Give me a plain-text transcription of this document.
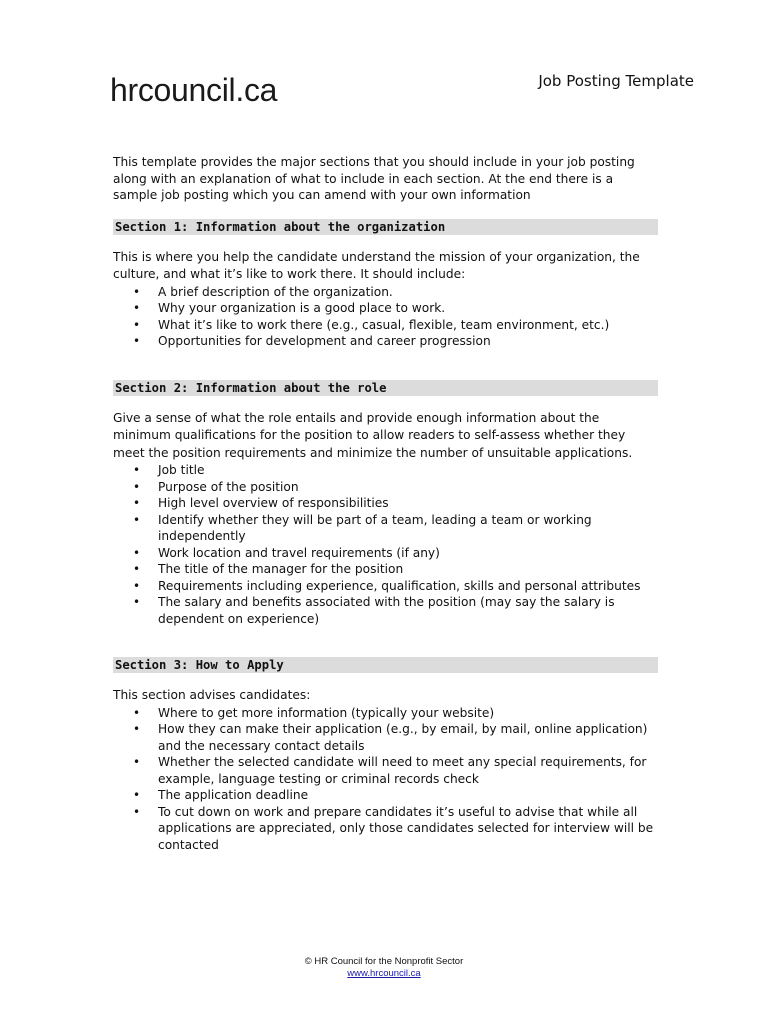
hrcouncil.ca	Job Posting Template

This template provides the major sections that you should include in your job posting along with an explanation of what to include in each section. At the end there is a sample job posting which you can amend with your own information

Section 1: Information about the organization

This is where you help the candidate understand the mission of your organization, the culture, and what it’s like to work there. It should include:

• A brief description of the organization.
• Why your organization is a good place to work.
• What it’s like to work there (e.g., casual, flexible, team environment, etc.)
• Opportunities for development and career progression
Section 2: Information about the role

Give a sense of what the role entails and provide enough information about the minimum qualifications for the position to allow readers to self-assess whether they meet the position requirements and minimize the number of unsuitable applications.

• Job title
• Purpose of the position
• High level overview of responsibilities
• Identify whether they will be part of a team, leading a team or working independently
• Work location and travel requirements (if any)
• The title of the manager for the position
• Requirements including experience, qualification, skills and personal attributes
• The salary and benefits associated with the position (may say the salary is dependent on experience)
Section 3: How to Apply

This section advises candidates:

• Where to get more information (typically your website)
• How they can make their application (e.g., by email, by mail, online application) and the necessary contact details
• Whether the selected candidate will need to meet any special requirements, for example, language testing or criminal records check
• The application deadline
• To cut down on work and prepare candidates it’s useful to advise that while all applications are appreciated, only those candidates selected for interview will be contacted
© HR Council for the Nonprofit Sector
www.hrcouncil.ca
